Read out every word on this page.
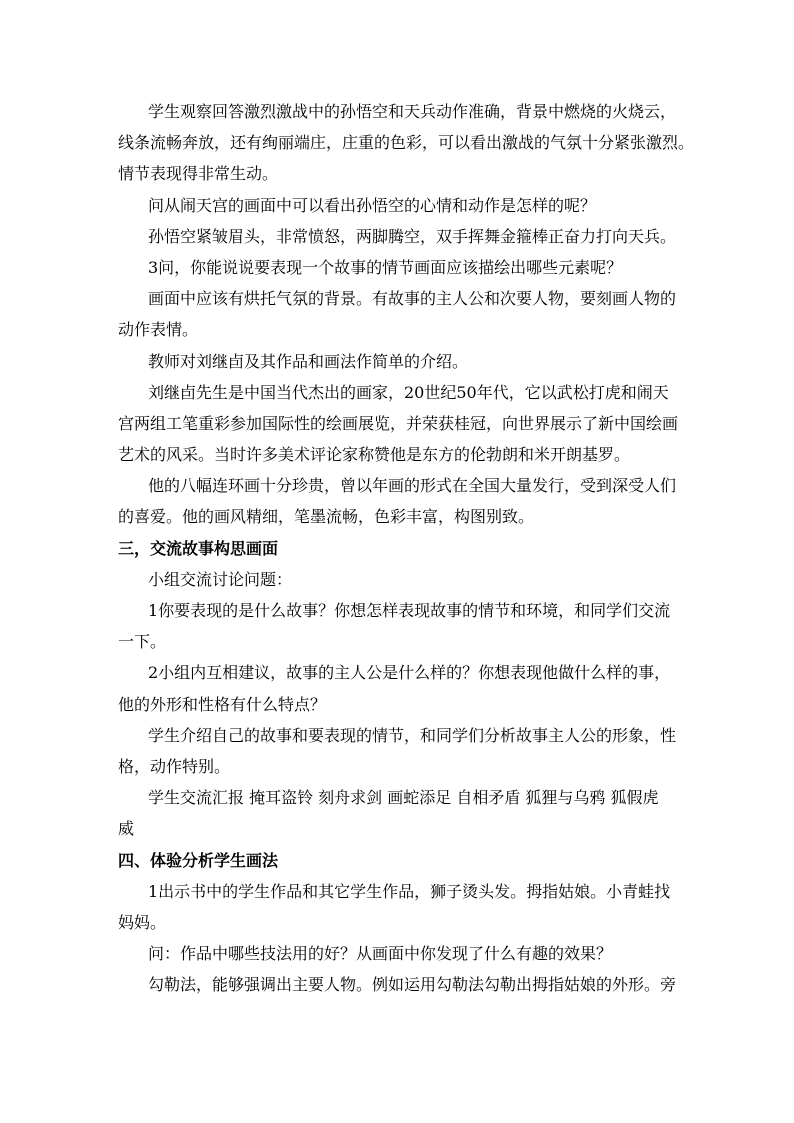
学生观察回答激烈激战中的孙悟空和天兵动作准确，背景中燃烧的火烧云，
线条流畅奔放，还有绚丽端庄，庄重的色彩，可以看出激战的气氛十分紧张激烈。
情节表现得非常生动。
问从闹天宫的画面中可以看出孙悟空的心情和动作是怎样的呢？
孙悟空紧皱眉头，非常愤怒，两脚腾空，双手挥舞金箍棒正奋力打向天兵。
3问，你能说说要表现一个故事的情节画面应该描绘出哪些元素呢？
画面中应该有烘托气氛的背景。有故事的主人公和次要人物，要刻画人物的
动作表情。
教师对刘继卣及其作品和画法作简单的介绍。
刘继卣先生是中国当代杰出的画家，20世纪50年代，它以武松打虎和闹天
宫两组工笔重彩参加国际性的绘画展览，并荣获桂冠，向世界展示了新中国绘画
艺术的风采。当时许多美术评论家称赞他是东方的伦勃朗和米开朗基罗。
他的八幅连环画十分珍贵，曾以年画的形式在全国大量发行，受到深受人们
的喜爱。他的画风精细，笔墨流畅，色彩丰富，构图别致。
三，交流故事构思画面
小组交流讨论问题：
1你要表现的是什么故事？你想怎样表现故事的情节和环境，和同学们交流
一下。
2小组内互相建议，故事的主人公是什么样的？你想表现他做什么样的事，
他的外形和性格有什么特点？
学生介绍自己的故事和要表现的情节，和同学们分析故事主人公的形象，性
格，动作特别。
学生交流汇报 掩耳盗铃 刻舟求剑 画蛇添足 自相矛盾 狐狸与乌鸦 狐假虎
威
四、体验分析学生画法
1出示书中的学生作品和其它学生作品，狮子烫头发。拇指姑娘。小青蛙找
妈妈。
问：作品中哪些技法用的好？从画面中你发现了什么有趣的效果？
勾勒法，能够强调出主要人物。例如运用勾勒法勾勒出拇指姑娘的外形。旁
